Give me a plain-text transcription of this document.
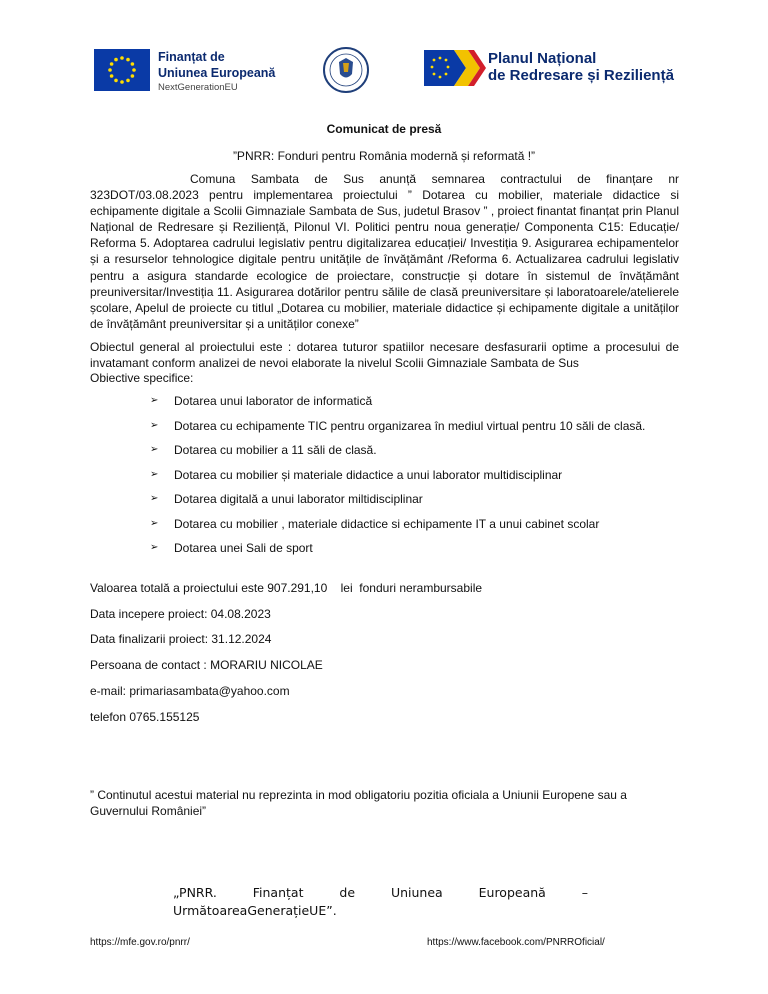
Finanțat de
Uniunea Europeană
NextGenerationEU
Planul Național
de Redresare și Reziliență
Comunicat de presă
”PNRR: Fonduri pentru România modernă și reformată !”
Comuna Sambata de Sus anunță semnarea contractului de finanțare nr 323DOT/03.08.2023 pentru implementarea proiectului ” Dotarea cu mobilier, materiale didactice si echipamente digitale a Scolii Gimnaziale Sambata de Sus, judetul Brasov ” , proiect finantat finanțat prin Planul Național de Redresare și Reziliență, Pilonul VI. Politici pentru noua generație/ Componenta C15: Educație/ Reforma 5. Adoptarea cadrului legislativ pentru digitalizarea educației/ Investiția 9. Asigurarea echipamentelor și a resurselor tehnologice digitale pentru unitățile de învățământ /Reforma 6. Actualizarea cadrului legislativ pentru a asigura standarde ecologice de proiectare, construcție și dotare în sistemul de învățământ preuniversitar/Investiția 11. Asigurarea dotărilor pentru sălile de clasă preuniversitare și laboratoarele/atelierele școlare, Apelul de proiecte cu titlul „Dotarea cu mobilier, materiale didactice și echipamente digitale a unităților de învățământ preuniversitar și a unităților conexe”
Obiectul general al proiectului este : dotarea tuturor spatiilor necesare desfasurarii optime a procesului de invatamant conform analizei de nevoi elaborate la nivelul Scolii Gimnaziale Sambata de Sus
Obiective specifice:
➢	Dotarea unui laborator de informatică
➢	Dotarea cu echipamente TIC pentru organizarea în mediul virtual pentru 10 săli de clasă.
➢	Dotarea cu mobilier a 11 săli de clasă.
➢	Dotarea cu mobilier și materiale didactice a unui laborator multidisciplinar
➢	Dotarea digitală a unui laborator miltidisciplinar
➢	Dotarea cu mobilier , materiale didactice si echipamente IT a unui cabinet scolar
➢	Dotarea unei Sali de sport
Valoarea totală a proiectului este 907.291,10    lei  fonduri nerambursabile
Data incepere proiect: 04.08.2023
Data finalizarii proiect: 31.12.2024
Persoana de contact : MORARIU NICOLAE
e-mail: primariasambata@yahoo.com
telefon 0765.155125
” Continutul acestui material nu reprezinta in mod obligatoriu pozitia oficiala a Uniunii Europene sau a Guvernului României”
„PNRR.	Finanțat	de	Uniunea	Europeană	–
UrmătoareaGenerațieUE”.
https://mfe.gov.ro/pnrr/	https://www.facebook.com/PNRROficial/
